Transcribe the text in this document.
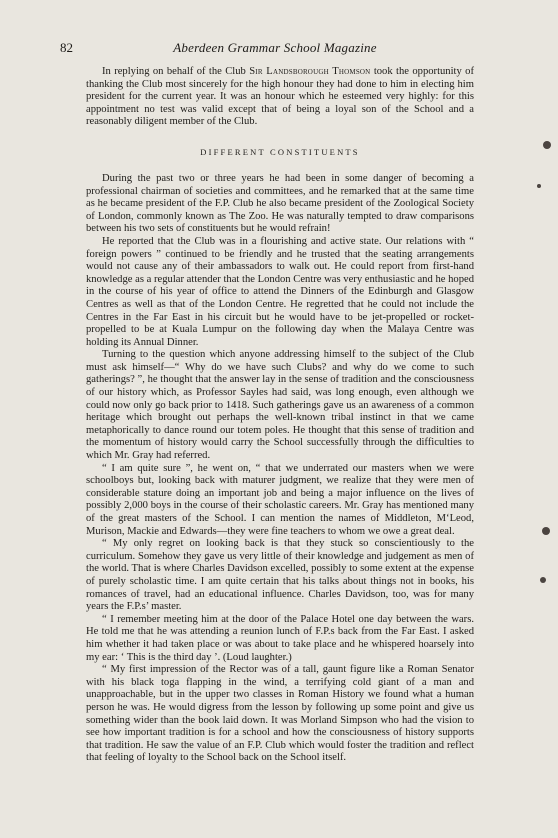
82	Aberdeen Grammar School Magazine

In replying on behalf of the Club Sir Landsborough Thomson took the opportunity of thanking the Club most sincerely for the high honour they had done to him in electing him president for the current year. It was an honour which he esteemed very highly: for this appointment no test was valid except that of being a loyal son of the School and a reasonably diligent member of the Club.

DIFFERENT CONSTITUENTS

During the past two or three years he had been in some danger of becoming a professional chairman of societies and committees, and he remarked that at the same time as he became president of the F.P. Club he also became president of the Zoological Society of London, commonly known as The Zoo. He was naturally tempted to draw comparisons between his two sets of constituents but he would refrain!

He reported that the Club was in a flourishing and active state. Our relations with “ foreign powers ” continued to be friendly and he trusted that the seating arrangements would not cause any of their ambassadors to walk out. He could report from first-hand knowledge as a regular attender that the London Centre was very enthusiastic and he hoped in the course of his year of office to attend the Dinners of the Edinburgh and Glasgow Centres as well as that of the London Centre. He regretted that he could not include the Centres in the Far East in his circuit but he would have to be jet-propelled or rocket-propelled to be at Kuala Lumpur on the following day when the Malaya Centre was holding its Annual Dinner.

Turning to the question which anyone addressing himself to the subject of the Club must ask himself—“ Why do we have such Clubs? and why do we come to such gatherings? ”, he thought that the answer lay in the sense of tradition and the consciousness of our history which, as Professor Sayles had said, was long enough, even although we could now only go back prior to 1418. Such gatherings gave us an awareness of a common heritage which brought out perhaps the well-known tribal instinct in that we came metaphorically to dance round our totem poles. He thought that this sense of tradition and the momentum of history would carry the School successfully through the difficulties to which Mr. Gray had referred.

“ I am quite sure ”, he went on, “ that we underrated our masters when we were schoolboys but, looking back with maturer judgment, we realize that they were men of considerable stature doing an important job and being a major influence on the lives of possibly 2,000 boys in the course of their scholastic careers. Mr. Gray has mentioned many of the great masters of the School. I can mention the names of Middleton, M‘Leod, Murison, Mackie and Edwards—they were fine teachers to whom we owe a great deal.

“ My only regret on looking back is that they stuck so conscientiously to the curriculum. Somehow they gave us very little of their knowledge and judgement as men of the world. That is where Charles Davidson excelled, possibly to some extent at the expense of purely scholastic time. I am quite certain that his talks about things not in books, his romances of travel, had an educational influence. Charles Davidson, too, was for many years the F.P.s’ master.

“ I remember meeting him at the door of the Palace Hotel one day between the wars. He told me that he was attending a reunion lunch of F.P.s back from the Far East. I asked him whether it had taken place or was about to take place and he whispered hoarsely into my ear: ‘ This is the third day ’. (Loud laughter.)

“ My first impression of the Rector was of a tall, gaunt figure like a Roman Senator with his black toga flapping in the wind, a terrifying cold giant of a man and unapproachable, but in the upper two classes in Roman History we found what a human person he was. He would digress from the lesson by following up some point and give us something wider than the book laid down. It was Morland Simpson who had the vision to see how important tradition is for a school and how the consciousness of history supports that tradition. He saw the value of an F.P. Club which would foster the tradition and reflect that feeling of loyalty to the School back on the School itself.
